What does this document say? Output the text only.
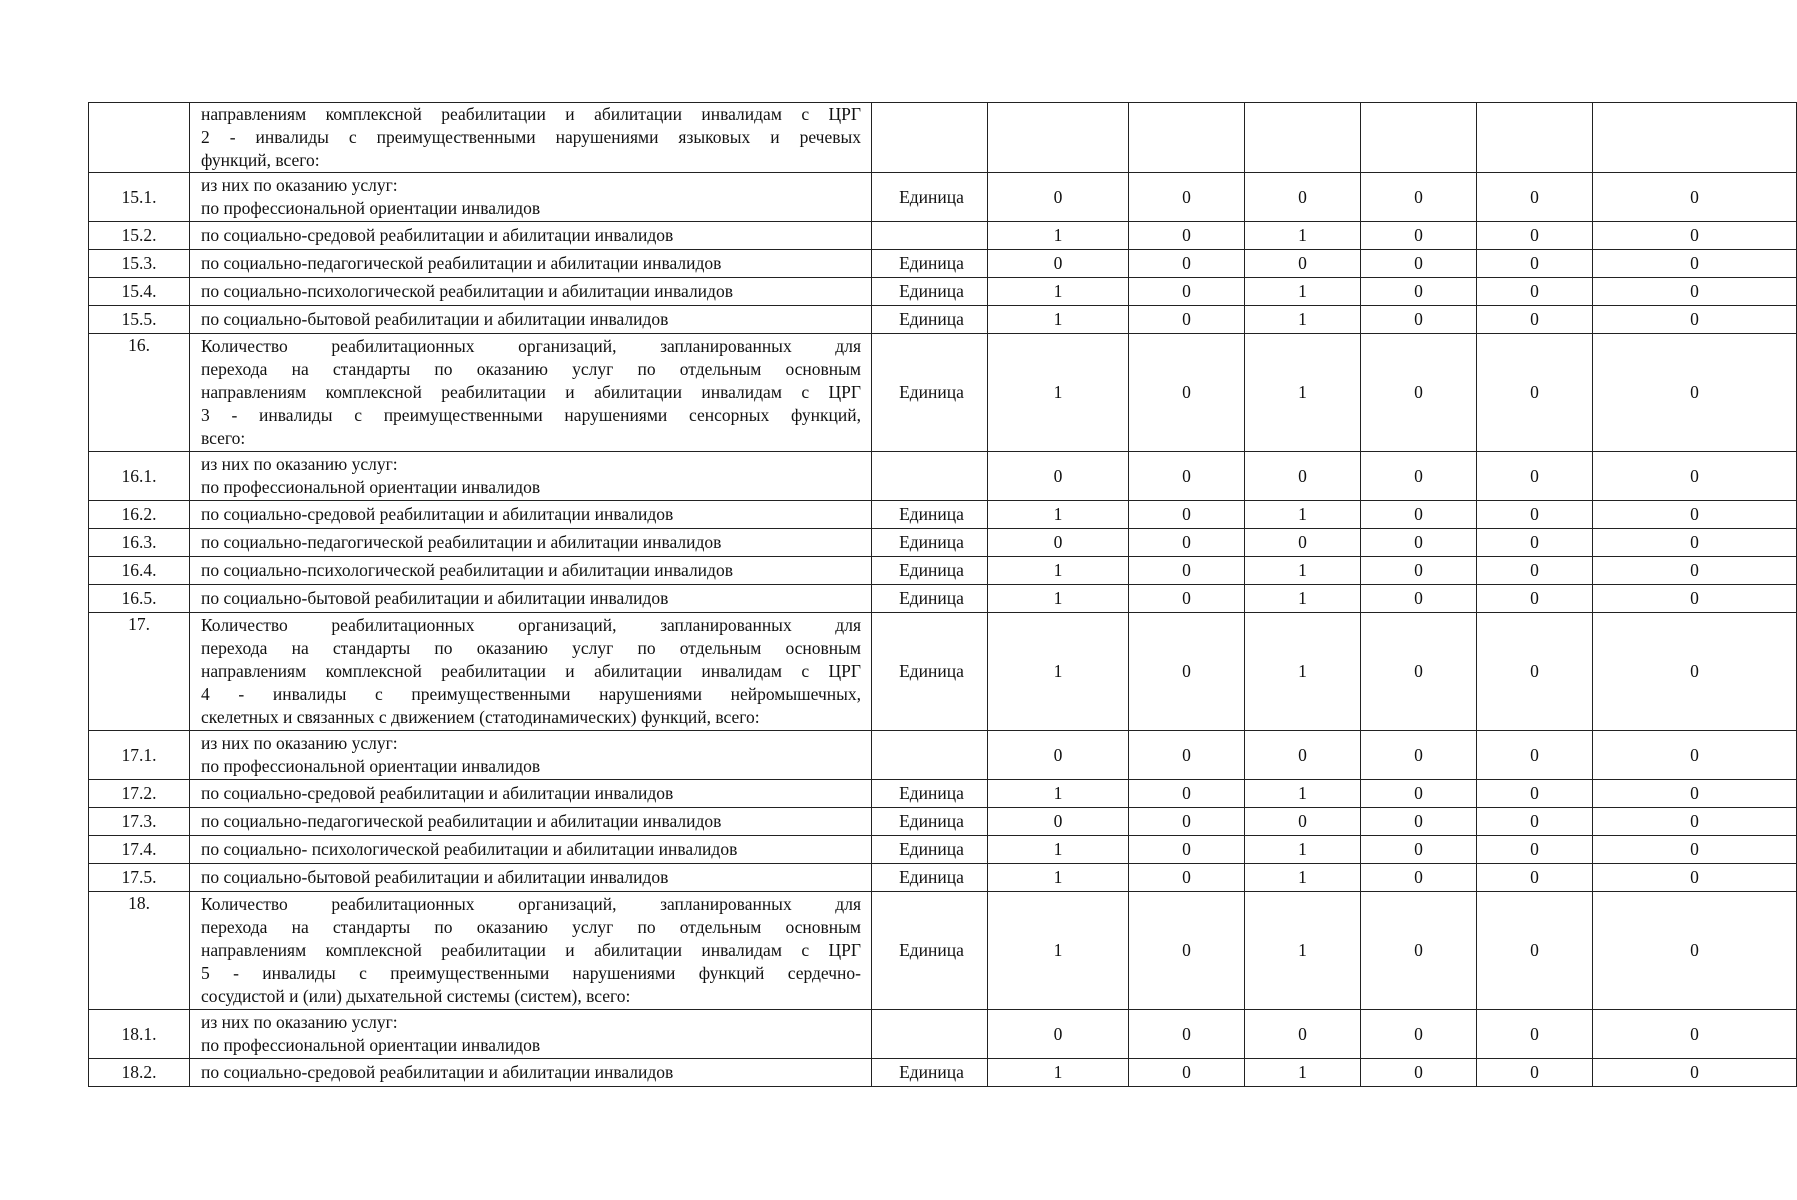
	направлениям комплексной реабилитации и абилитации инвалидам с ЦРГ
2 - инвалиды с преимущественными нарушениями языковых и речевых
функций, всего:							

15.1.	из них по оказанию услуг:
по профессиональной ориентации инвалидов	Единица	0	0	0	0	0	0
15.2.	по социально-средовой реабилитации и абилитации инвалидов		1	0	1	0	0	0
15.3.	по социально-педагогической реабилитации и абилитации инвалидов	Единица	0	0	0	0	0	0
15.4.	по социально-психологической реабилитации и абилитации инвалидов	Единица	1	0	1	0	0	0
15.5.	по социально-бытовой реабилитации и абилитации инвалидов	Единица	1	0	1	0	0	0
16.	Количество реабилитационных организаций, запланированных для
перехода на стандарты по оказанию услуг по отдельным основным
направлениям комплексной реабилитации и абилитации инвалидам с ЦРГ
3 - инвалиды с преимущественными нарушениями сенсорных функций,
всего:	Единица	1	0	1	0	0	0
16.1.	из них по оказанию услуг:
по профессиональной ориентации инвалидов		0	0	0	0	0	0
16.2.	по социально-средовой реабилитации и абилитации инвалидов	Единица	1	0	1	0	0	0
16.3.	по социально-педагогической реабилитации и абилитации инвалидов	Единица	0	0	0	0	0	0
16.4.	по социально-психологической реабилитации и абилитации инвалидов	Единица	1	0	1	0	0	0
16.5.	по социально-бытовой реабилитации и абилитации инвалидов	Единица	1	0	1	0	0	0
17.	Количество реабилитационных организаций, запланированных для
перехода на стандарты по оказанию услуг по отдельным основным
направлениям комплексной реабилитации и абилитации инвалидам с ЦРГ
4 - инвалиды с преимущественными нарушениями нейромышечных,
скелетных и связанных с движением (статодинамических) функций, всего:	Единица	1	0	1	0	0	0
17.1.	из них по оказанию услуг:
по профессиональной ориентации инвалидов		0	0	0	0	0	0
17.2.	по социально-средовой реабилитации и абилитации инвалидов	Единица	1	0	1	0	0	0
17.3.	по социально-педагогической реабилитации и абилитации инвалидов	Единица	0	0	0	0	0	0
17.4.	по социально- психологической реабилитации и абилитации инвалидов	Единица	1	0	1	0	0	0
17.5.	по социально-бытовой реабилитации и абилитации инвалидов	Единица	1	0	1	0	0	0
18.	Количество реабилитационных организаций, запланированных для
перехода на стандарты по оказанию услуг по отдельным основным
направлениям комплексной реабилитации и абилитации инвалидам с ЦРГ
5 - инвалиды с преимущественными нарушениями функций сердечно-
сосудистой и (или) дыхательной системы (систем), всего:	Единица	1	0	1	0	0	0
18.1.	из них по оказанию услуг:
по профессиональной ориентации инвалидов		0	0	0	0	0	0
18.2.	по социально-средовой реабилитации и абилитации инвалидов	Единица	1	0	1	0	0	0
